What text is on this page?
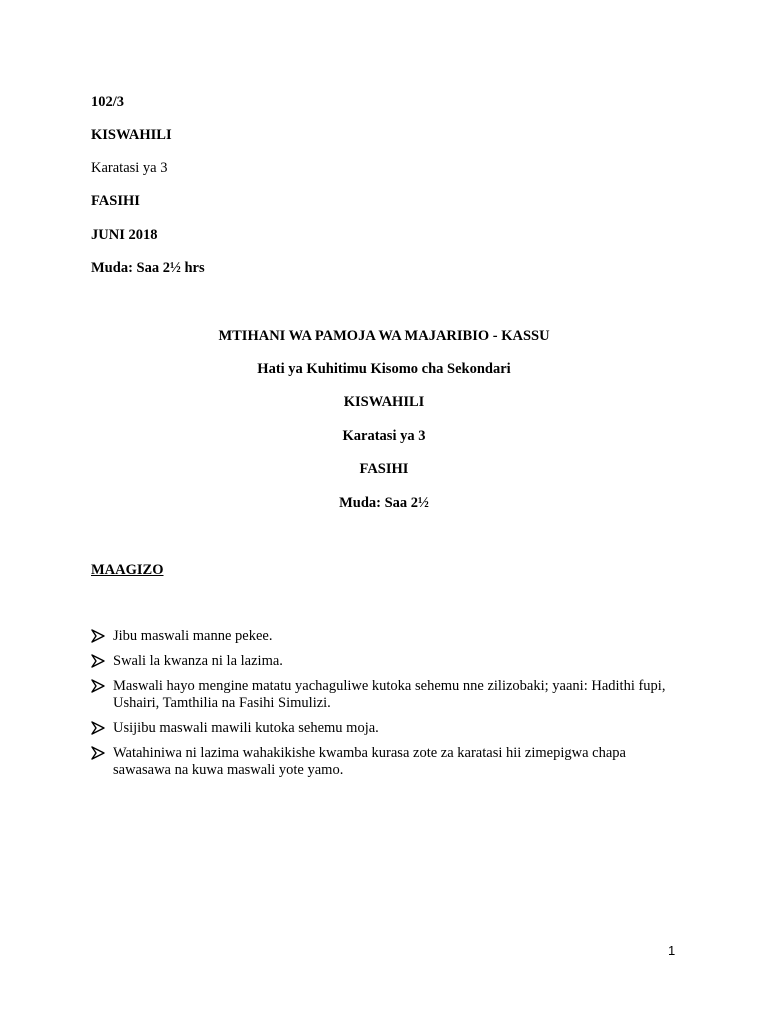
102/3

KISWAHILI

Karatasi ya 3

FASIHI

JUNI 2018

Muda: Saa 2½ hrs

MTIHANI WA PAMOJA WA MAJARIBIO - KASSU

Hati ya Kuhitimu Kisomo cha Sekondari

KISWAHILI

Karatasi ya 3

FASIHI

Muda: Saa 2½

MAAGIZO

Jibu maswali manne pekee.
Swali la kwanza ni la lazima.
Maswali hayo mengine matatu yachaguliwe kutoka sehemu nne zilizobaki; yaani: Hadithi fupi, Ushairi, Tamthilia na Fasihi Simulizi.
Usijibu maswali mawili kutoka sehemu moja.
Watahiniwa ni lazima wahakikishe kwamba kurasa zote za karatasi hii zimepigwa chapa sawasawa na kuwa maswali yote yamo.
1
